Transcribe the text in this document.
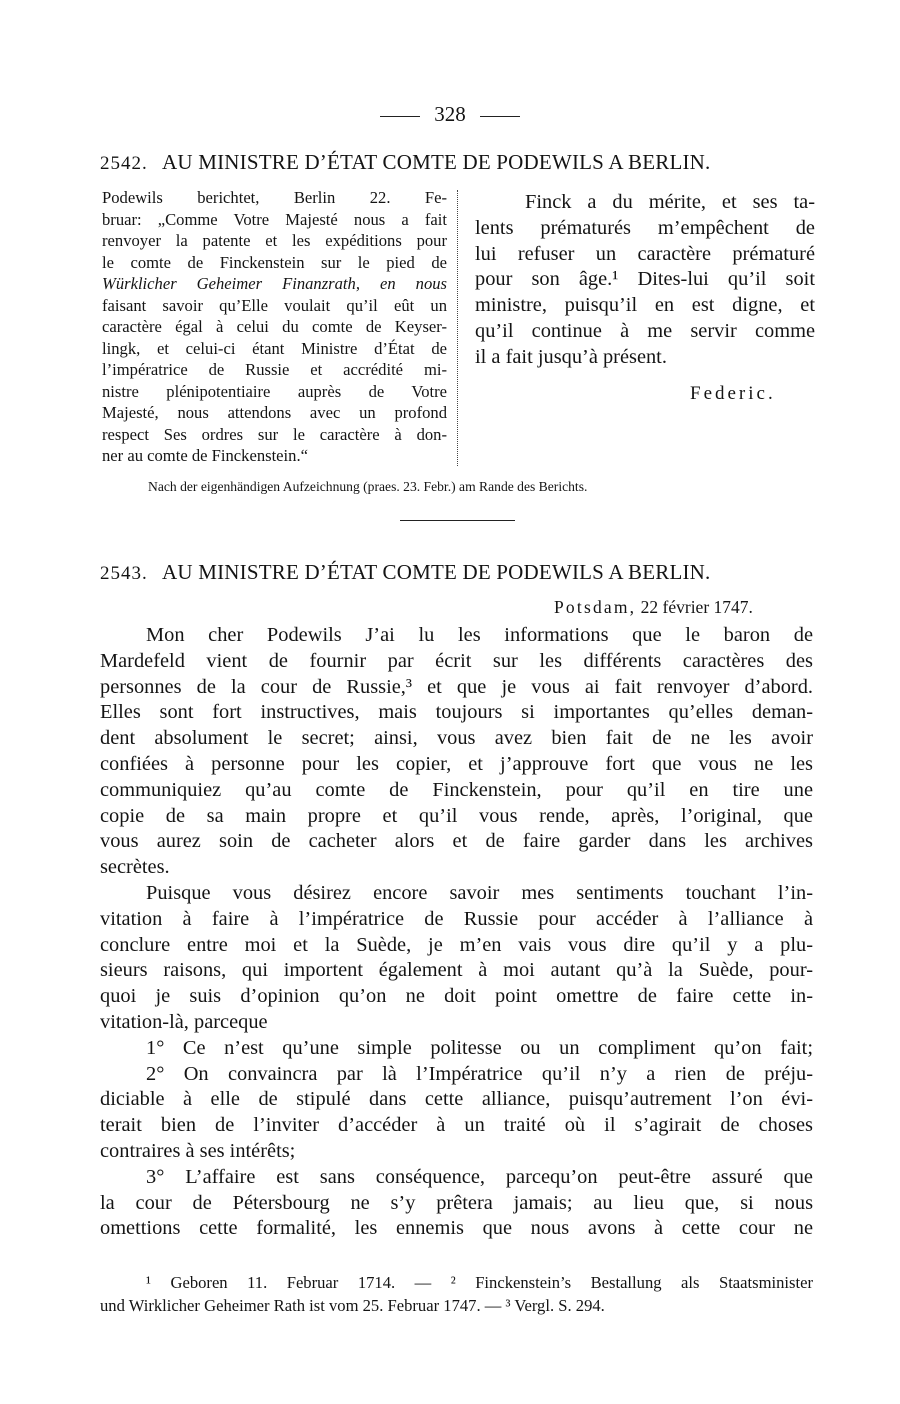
328
2542. AU MINISTRE D’ÉTAT COMTE DE PODEWILS A BERLIN.
Podewils berichtet, Berlin 22. Fe-
bruar: „Comme Votre Majesté nous a fait
renvoyer la patente et les expéditions pour
le comte de Finckenstein sur le pied de
Würklicher Geheimer Finanzrath, en nous
faisant savoir qu’Elle voulait qu’il eût un
caractère égal à celui du comte de Keyser-
lingk, et celui-ci étant Ministre d’État de
l’impératrice de Russie et accrédité mi-
nistre plénipotentiaire auprès de Votre
Majesté, nous attendons avec un profond
respect Ses ordres sur le caractère à don-
ner au comte de Finckenstein.“
Finck a du mérite, et ses ta-
lents prématurés m’empêchent de
lui refuser un caractère prématuré
pour son âge.¹ Dites-lui qu’il soit
ministre, puisqu’il en est digne, et
qu’il continue à me servir comme
il a fait jusqu’à présent.
Federic.
Nach der eigenhändigen Aufzeichnung (praes. 23. Febr.) am Rande des Berichts.
2543. AU MINISTRE D’ÉTAT COMTE DE PODEWILS A BERLIN.
Potsdam, 22 février 1747.
Mon cher Podewils J’ai lu les informations que le baron de
Mardefeld vient de fournir par écrit sur les différents caractères des
personnes de la cour de Russie,³ et que je vous ai fait renvoyer d’abord.
Elles sont fort instructives, mais toujours si importantes qu’elles deman-
dent absolument le secret; ainsi, vous avez bien fait de ne les avoir
confiées à personne pour les copier, et j’approuve fort que vous ne les
communiquiez qu’au comte de Finckenstein, pour qu’il en tire une
copie de sa main propre et qu’il vous rende, après, l’original, que
vous aurez soin de cacheter alors et de faire garder dans les archives
secrètes.
Puisque vous désirez encore savoir mes sentiments touchant l’in-
vitation à faire à l’impératrice de Russie pour accéder à l’alliance à
conclure entre moi et la Suède, je m’en vais vous dire qu’il y a plu-
sieurs raisons, qui importent également à moi autant qu’à la Suède, pour-
quoi je suis d’opinion qu’on ne doit point omettre de faire cette in-
vitation-là, parceque
1° Ce n’est qu’une simple politesse ou un compliment qu’on fait;
2° On convaincra par là l’Impératrice qu’il n’y a rien de préju-
diciable à elle de stipulé dans cette alliance, puisqu’autrement l’on évi-
terait bien de l’inviter d’accéder à un traité où il s’agirait de choses
contraires à ses intérêts;
3° L’affaire est sans conséquence, parcequ’on peut-être assuré que
la cour de Pétersbourg ne s’y prêtera jamais; au lieu que, si nous
omettions cette formalité, les ennemis que nous avons à cette cour ne
¹ Geboren 11. Februar 1714. — ² Finckenstein’s Bestallung als Staatsminister
und Wirklicher Geheimer Rath ist vom 25. Februar 1747. — ³ Vergl. S. 294.
